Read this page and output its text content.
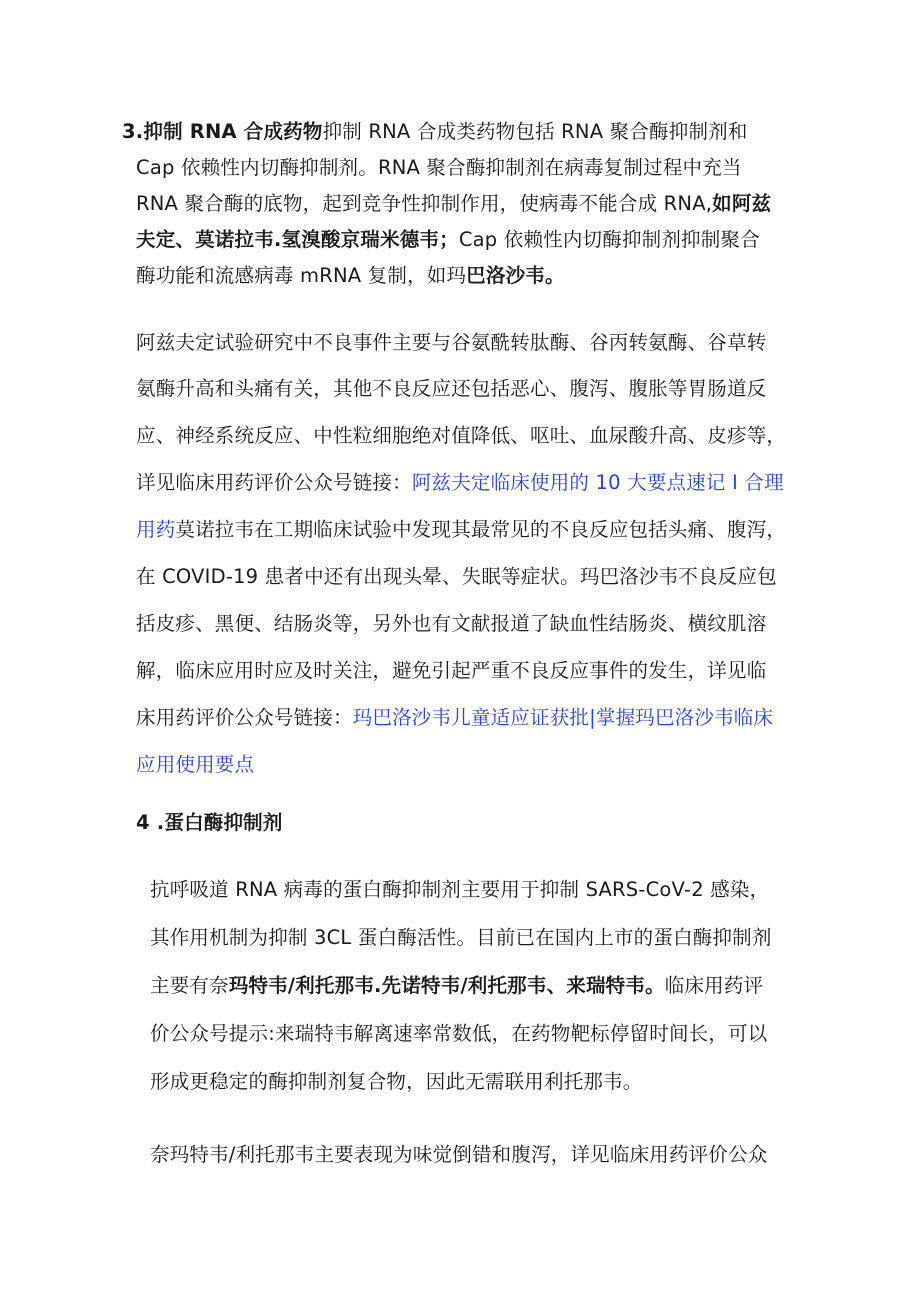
3.抑制 RNA 合成药物抑制 RNA 合成类药物包括 RNA 聚合酶抑制剂和
Cap 依赖性内切酶抑制剂。RNA 聚合酶抑制剂在病毒复制过程中充当
RNA 聚合酶的底物，起到竞争性抑制作用，使病毒不能合成 RNA,如阿兹
夫定、莫诺拉韦.氢溴酸京瑞米德韦；Cap 依赖性内切酶抑制剂抑制聚合
酶功能和流感病毒 mRNA 复制，如玛巴洛沙韦。
阿兹夫定试验研究中不良事件主要与谷氨酰转肽酶、谷丙转氨酶、谷草转
氨酶升高和头痛有关，其他不良反应还包括恶心、腹泻、腹胀等胃肠道反
应、神经系统反应、中性粒细胞绝对值降低、呕吐、血尿酸升高、皮疹等，
详见临床用药评价公众号链接：阿兹夫定临床使用的 10 大要点速记 I 合理
用药莫诺拉韦在工期临床试验中发现其最常见的不良反应包括头痛、腹泻，
在 COVID-19 患者中还有出现头晕、失眠等症状。玛巴洛沙韦不良反应包
括皮疹、黑便、结肠炎等，另外也有文献报道了缺血性结肠炎、横纹肌溶
解，临床应用时应及时关注，避免引起严重不良反应事件的发生，详见临
床用药评价公众号链接：玛巴洛沙韦儿童适应证获批|掌握玛巴洛沙韦临床
应用使用要点
4 .蛋白酶抑制剂
抗呼吸道 RNA 病毒的蛋白酶抑制剂主要用于抑制 SARS-CoV-2 感染，
其作用机制为抑制 3CL 蛋白酶活性。目前已在国内上市的蛋白酶抑制剂
主要有奈玛特韦/利托那韦.先诺特韦/利托那韦、来瑞特韦。临床用药评
价公众号提示:来瑞特韦解离速率常数低，在药物靶标停留时间长，可以
形成更稳定的酶抑制剂复合物，因此无需联用利托那韦。
奈玛特韦/利托那韦主要表现为味觉倒错和腹泻，详见临床用药评价公众
